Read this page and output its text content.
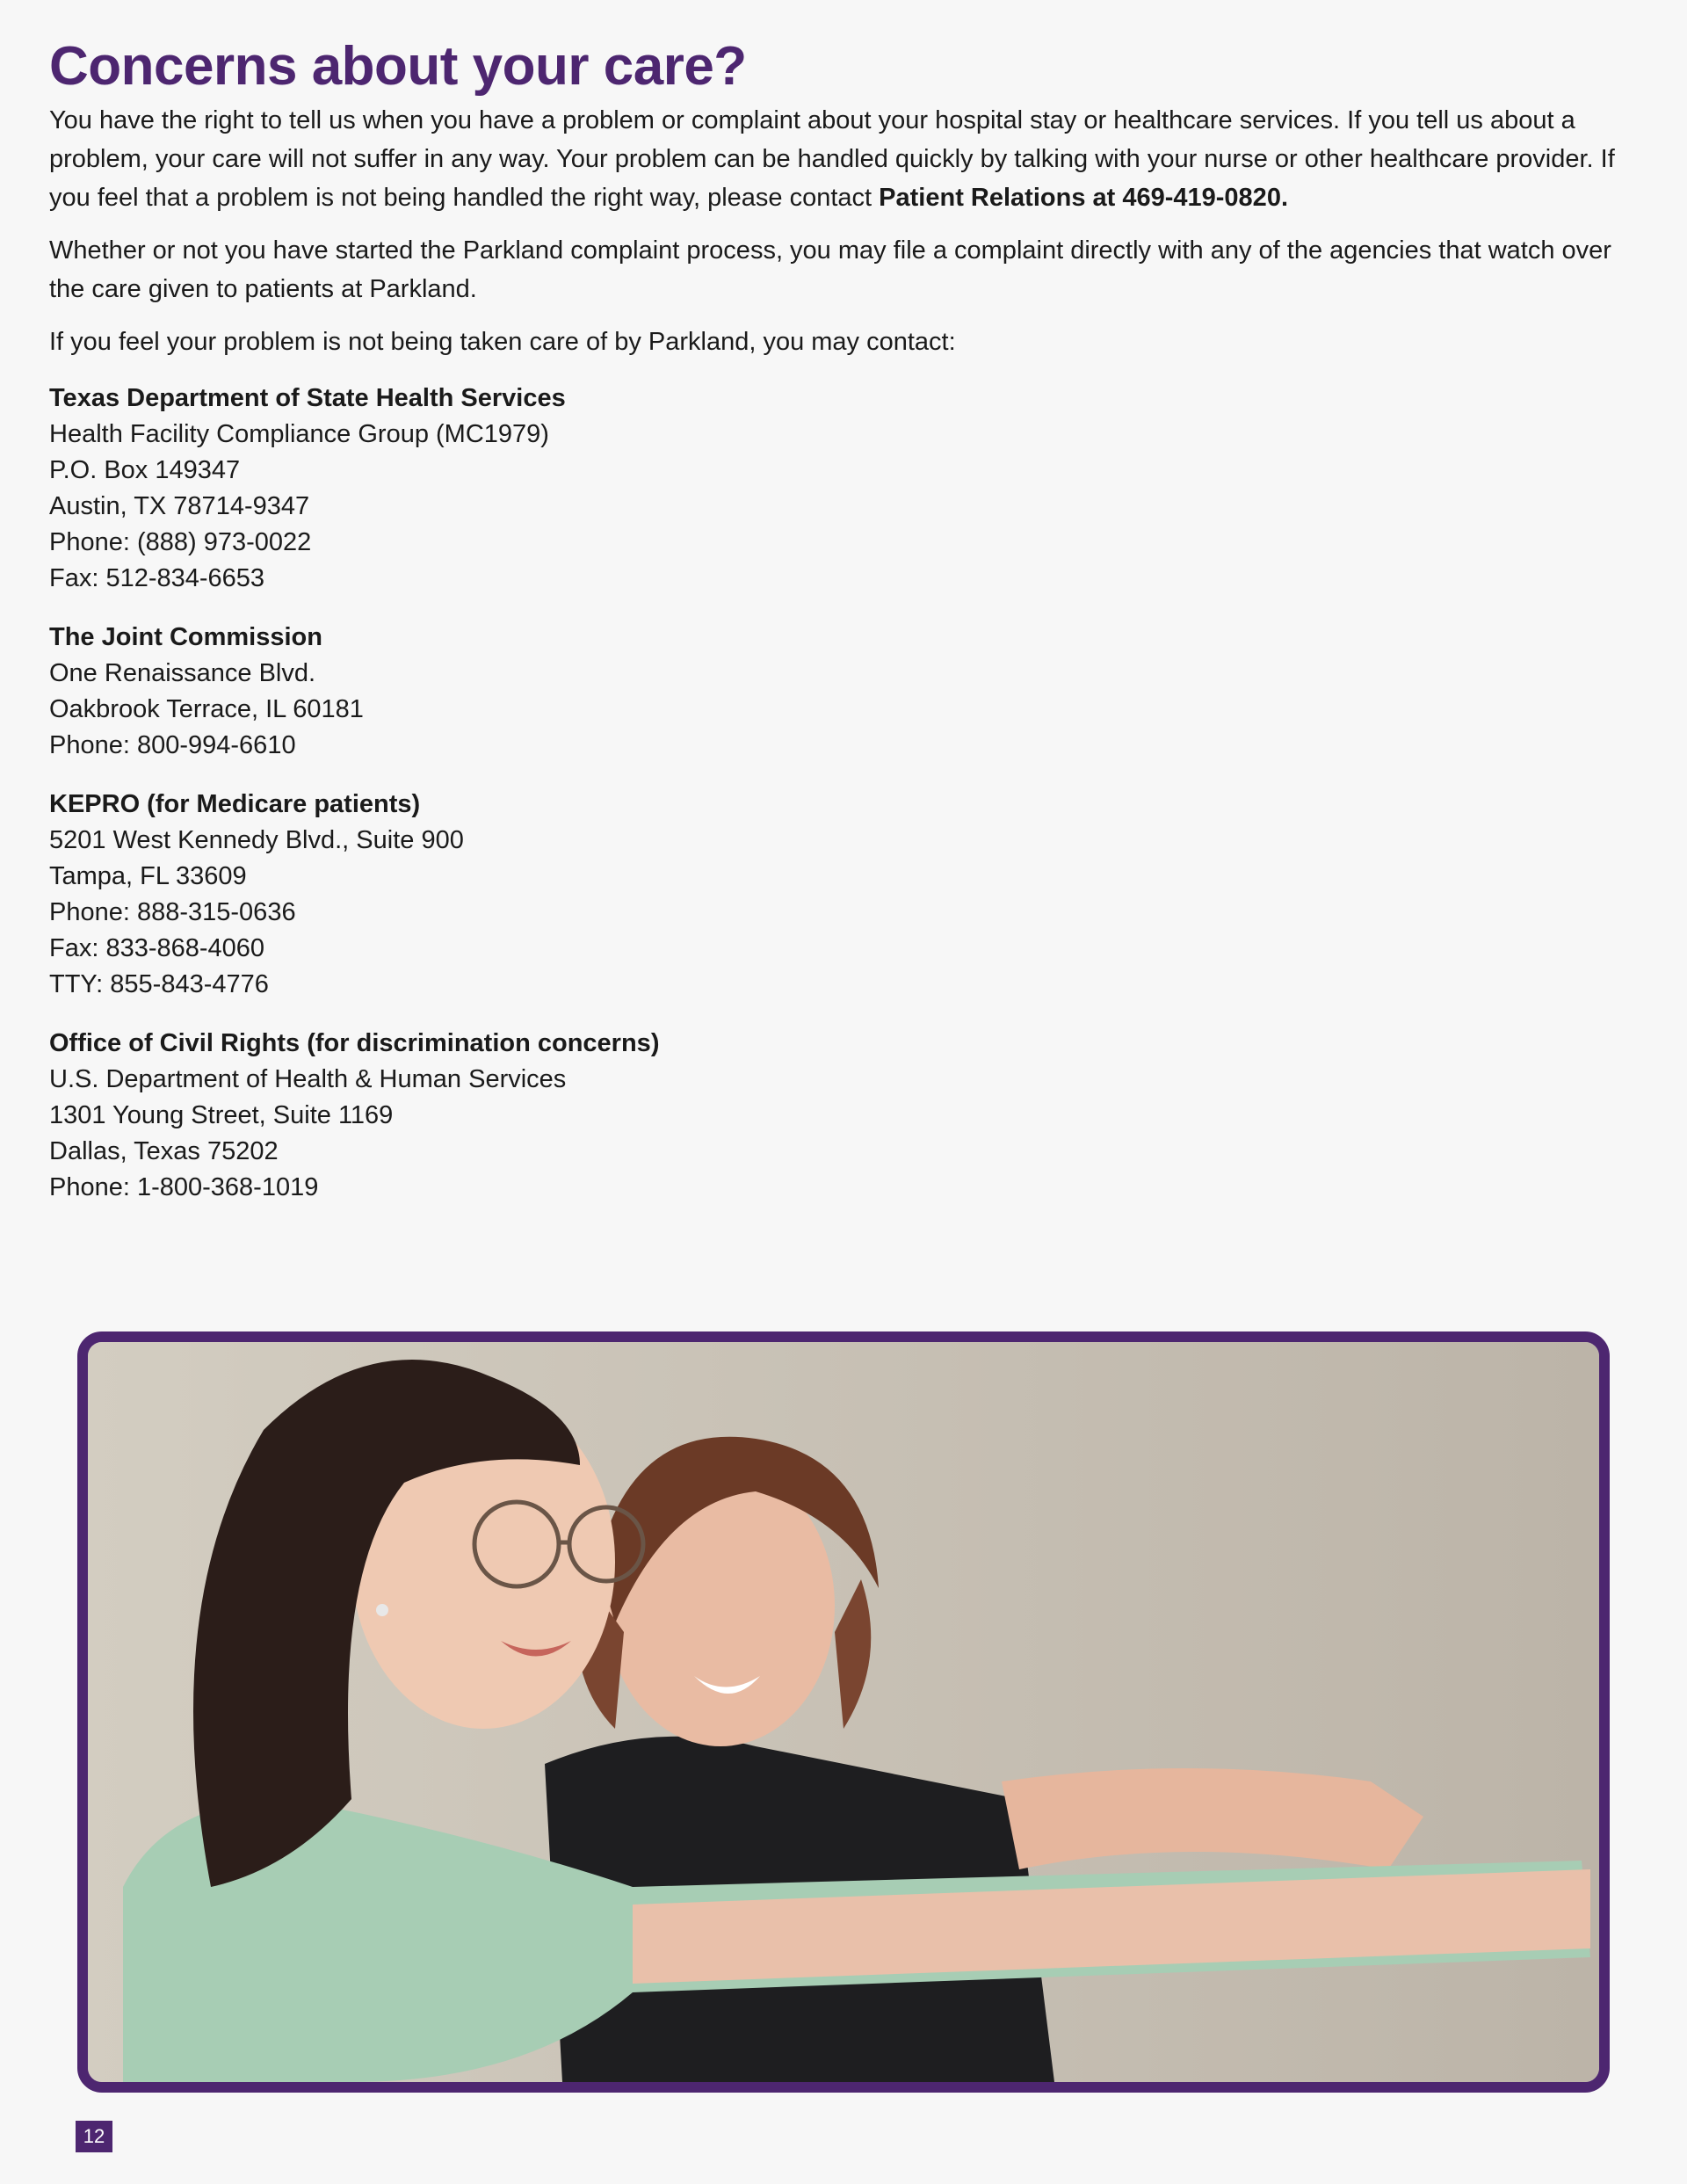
Concerns about your care?

You have the right to tell us when you have a problem or complaint about your hospital stay or healthcare services. If you tell us about a problem, your care will not suffer in any way. Your problem can be handled quickly by talking with your nurse or other healthcare provider. If you feel that a problem is not being handled the right way, please contact Patient Relations at 469-419-0820.

Whether or not you have started the Parkland complaint process, you may file a complaint directly with any of the agencies that watch over the care given to patients at Parkland.

If you feel your problem is not being taken care of by Parkland, you may contact:

Texas Department of State Health Services
Health Facility Compliance Group (MC1979)
P.O. Box 149347
Austin, TX 78714-9347
Phone: (888) 973-0022
Fax: 512-834-6653
The Joint Commission
One Renaissance Blvd.
Oakbrook Terrace, IL 60181
Phone: 800-994-6610
KEPRO (for Medicare patients)
5201 West Kennedy Blvd., Suite 900
Tampa, FL 33609
Phone: 888-315-0636
Fax: 833-868-4060
TTY: 855-843-4776
Office of Civil Rights (for discrimination concerns)
U.S. Department of Health & Human Services
1301 Young Street, Suite 1169
Dallas, Texas 75202
Phone: 1-800-368-1019
12
